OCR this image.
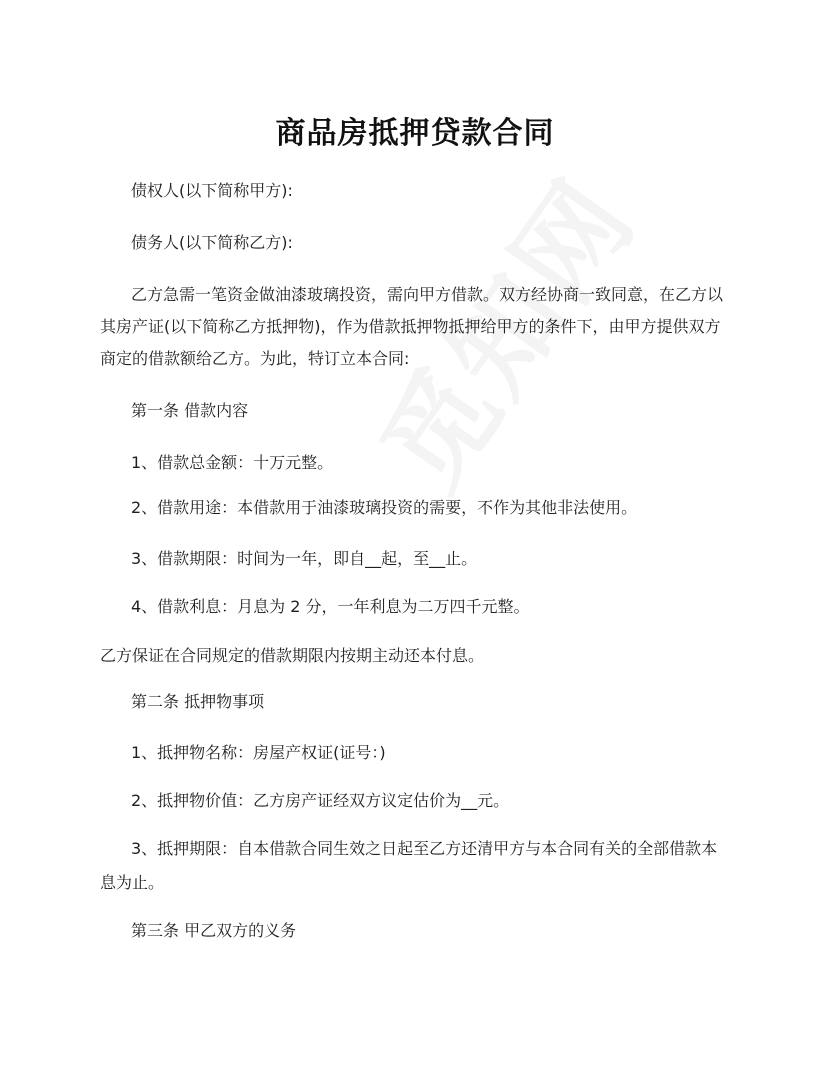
商品房抵押贷款合同
债权人(以下简称甲方):
债务人(以下简称乙方):
乙方急需一笔资金做油漆玻璃投资，需向甲方借款。双方经协商一致同意，在乙方以
其房产证(以下简称乙方抵押物)，作为借款抵押物抵押给甲方的条件下，由甲方提供双方
商定的借款额给乙方。为此，特订立本合同:
第一条 借款内容
1、借款总金额：十万元整。
2、借款用途：本借款用于油漆玻璃投资的需要，不作为其他非法使用。
3、借款期限：时间为一年，即自__起，至__止。
4、借款利息：月息为 2 分，一年利息为二万四千元整。
乙方保证在合同规定的借款期限内按期主动还本付息。
第二条 抵押物事项
1、抵押物名称：房屋产权证(证号：)
2、抵押物价值：乙方房产证经双方议定估价为__元。
3、抵押期限：自本借款合同生效之日起至乙方还清甲方与本合同有关的全部借款本
息为止。
第三条 甲乙双方的义务
